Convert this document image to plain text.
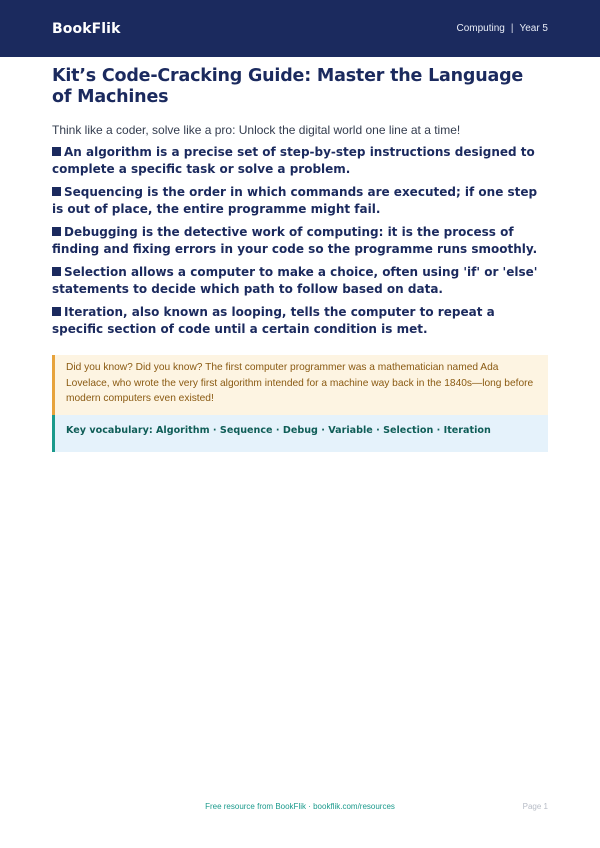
BookFlik	Computing | Year 5
Kit’s Code-Cracking Guide: Master the Language of Machines

Think like a coder, solve like a pro: Unlock the digital world one line at a time!

An algorithm is a precise set of step-by-step instructions designed to complete a specific task or solve a problem.
Sequencing is the order in which commands are executed; if one step is out of place, the entire programme might fail.
Debugging is the detective work of computing: it is the process of finding and fixing errors in your code so the programme runs smoothly.
Selection allows a computer to make a choice, often using 'if' or 'else' statements to decide which path to follow based on data.
Iteration, also known as looping, tells the computer to repeat a specific section of code until a certain condition is met.

Did you know? Did you know? The first computer programmer was a mathematician named Ada Lovelace, who wrote the very first algorithm intended for a machine way back in the 1840s—long before modern computers even existed!

Key vocabulary: Algorithm · Sequence · Debug · Variable · Selection · Iteration

Free resource from BookFlik · bookflik.com/resources	Page 1
